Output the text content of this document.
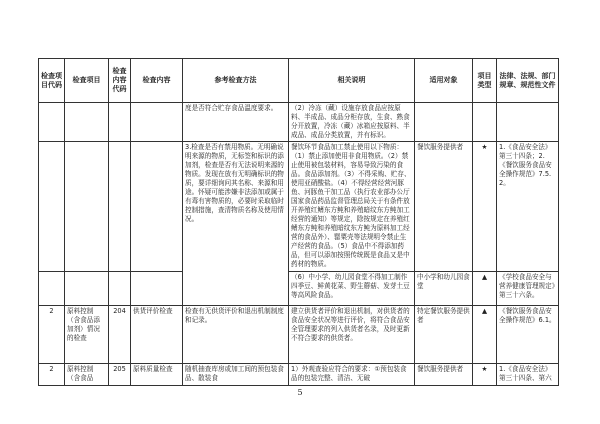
检查项目代码	检查项目	检查内容代码	检查内容	参考检查方法	相关说明	适用对象	项目类型	法律、法规、部门规章、规范性文件
				度是否符合贮存食品温度要求。	（2）冷冻（藏）设施存放食品应按原料、半成品、成品分柜存放，生食、熟食分开放置，冷冻（藏）冰箱应按原料、半成品、成品分类放置，并有标识。			
				3.检查是否有禁用物质。无明确说明来源的物质，无标签和标识的添加剂，检查是否有无法说明来源的物质。发现在放有无明确标识的物质，要详细询问其名称、来源和用途。怀疑可能涉嫌非法添加或属于有毒有害物质的，必要时采取临时控制措施，查清物质名称及使用情况。	餐饮环节食品加工禁止使用以下物质：（1）禁止添加使用非食用物质。（2）禁止使用被包装材料，容易导致污染的食品。食品添加剂。（3）不得采购、贮存、使用亚硝酸盐。（4）不得经营经营河豚鱼、河豚鱼干加工品（执行农业部办公厅国家食品药品监督管理总局关于有条件放开养殖红鳍东方鲀和养殖暗纹东方鲀加工经营的通知）等规定，除按规定在养殖红鳍东方鲀和养殖暗纹东方鲀为原料加工经营的食品外）、罂粟壳等法规明令禁止生产经营的食品。（5）食品中不得添加药品，但可以添加按照传统既是食品又是中药材的物质。	餐饮服务提供者	★	1.《食品安全法》第三十四条；2.《餐饮服务食品安全操作规范》7.5.2。
					（6）中小学、幼儿园食堂不得加工制作四季豆、鲜黄花菜、野生蘑菇、发芽土豆等高风险食品。	中小学和幼儿园食堂	▲	《学校食品安全与营养健康管理规定》第三十六条。
2	原料控制（含食品添加剂）情况的检查	204	供货评价检查	检查有无供货评价和退出机制制度和记录。	建立供货者评价和退出机制，对供货者的食品安全状况等进行评价，将符合食品安全管理要求的列入供货者名录，及时更新不符合要求的供货者。	特定餐饮服务提供者	▲	《餐饮服务食品安全操作规范》6.1。
2	原料控制（含食品	205	原料质量检查	随机抽查库房或加工间的预包装食品、散装食	1）外观查验应符合的要求：①预包装食品的包装完整、清洁、无破	餐饮服务提供者	★	1.《食品安全法》第三十四条、第六
5
